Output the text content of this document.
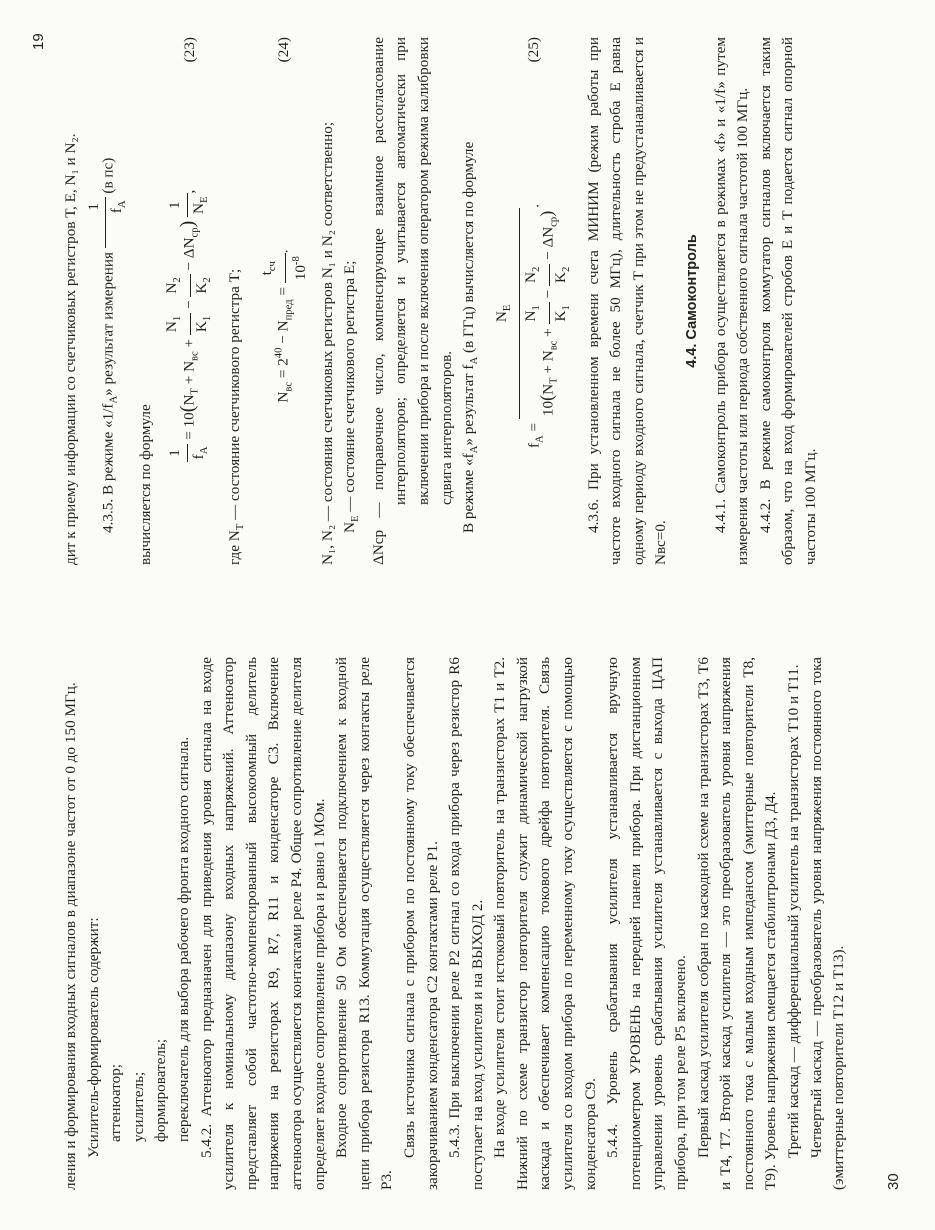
ления и формирования входных сигналов в диапазоне частот от 0 до 150 МГц. Усилитель-формирователь содержит: аттенюатор; усилитель; формирователь; переключатель для выбора рабочего фронта входного сигнала. 5.4.2. Аттенюатор предназначен для приведения уровня сигнала на входе усилителя к номинальному диапазону входных напряжений. Аттенюатор представляет собой частотно-компенсированный высокоомный делитель напряжения на резисторах R9, R7, R11 и конденсаторе С3. Включение аттенюатора осуществляется контактами реле Р4. Общее сопротивление делителя определяет входное сопротивление прибора и равно 1 МОм. Входное сопротивление 50 Ом обеспечивается подключением к входной цепи прибора резистора R13. Коммутация осуществляется через контакты реле Р3.

Связь источника сигнала с прибором по постоянному току обеспечивается закорачиванием конденсатора С2 контактами реле Р1. 5.4.3. При выключении реле Р2 сигнал со входа прибора через резистор R6 поступает на вход усилителя и на ВЫХОД 2. На входе усилителя стоит истоковый повторитель на транзисторах Т1 и Т2. Нижний по схеме транзистор повторителя служит динамической нагрузкой каскада и обеспечивает компенсацию токового дрейфа повторителя. Связь усилителя со входом прибора по переменному току осуществляется с помощью конденсатора С9. 5.4.4. Уровень срабатывания усилителя устанавливается вручную потенциометром УРОВЕНЬ на передней панели прибора. При дистанционном управлении уровень срабатывания усилителя устанавливается с выхода ЦАП прибора, при том реле Р5 включено. Первый каскад усилителя собран по каскодной схеме на транзисторах Т3, Т6 и Т4, Т7. Второй каскад усилителя — это преобразователь уровня напряжения постоянного тока с малым входным импедансом (эмиттерные повторители Т8, Т9). Уровень напряжения смещается стабилитронами Д3, Д4. Третий каскад — дифференциальный усилитель на транзисторах Т10 и Т11. Четвертый каскад — преобразователь уровня напряжения постоянного тока (эмиттерные повторители Т12 и Т13).	30

дит к приему информации со счетчиковых регистров Т, Е, N₁ и N₂.	4.3.5. В режиме «$1/f_A$» результат измерения
1
$f_A$
(в пс)

вычисляется по формуле 1
$f_A$
= $10(N_T + N_{вс}$ +
$N_1$
$K_1$
−
$N_2$
$K_2$
− $\Delta N_{ср}$)
1 $N_E$
,
(23)

где $N_T$ — состояние счетчикового регистра Т;	$N_{вс} = 2^{40} - N_{пред}$ =
$t_{сч}$ $10^{-8}$
.
(24)

N₁, N₂ — состояния счетчиковых регистров N₁ и N₂ соответственно; $N_E$ — состояние счетчикового регистра Е; ΔNср — поправочное число, компенсирующее взаимное рассогласование интерполяторов; определяется и учитывается автоматически при включении прибора и после включения оператором режима калибровки сдвига интерполяторов. В режиме «$f_A$» результат $f_A$ (в ГГц) вычисляется по формуле

$f_A$ =
$N_E$
$10(N_T + N_{вс}$ +
$N_1$
$K_1$
−
$N_2$
$K_2$
− $\Delta N_{ср}$)
.
(25)	4.3.6. При установленном времени счета МИНИМ (режим работы при частоте входного сигнала не более 50 МГц), длительность строба Е равна одному периоду входного сигнала, счетчик Т при этом не предустанавливается и Nвс=0.

4.4. Самоконтроль 4.4.1. Самоконтроль прибора осуществляется в режимах «f» и «1/f» путем измерения частоты или периода собственного сигнала частотой 100 МГц. 4.4.2. В режиме самоконтроля коммутатор сигналов включается таким образом, что на вход формирователей стробов Е и Т подается сигнал опорной частоты 100 МГц.

19
